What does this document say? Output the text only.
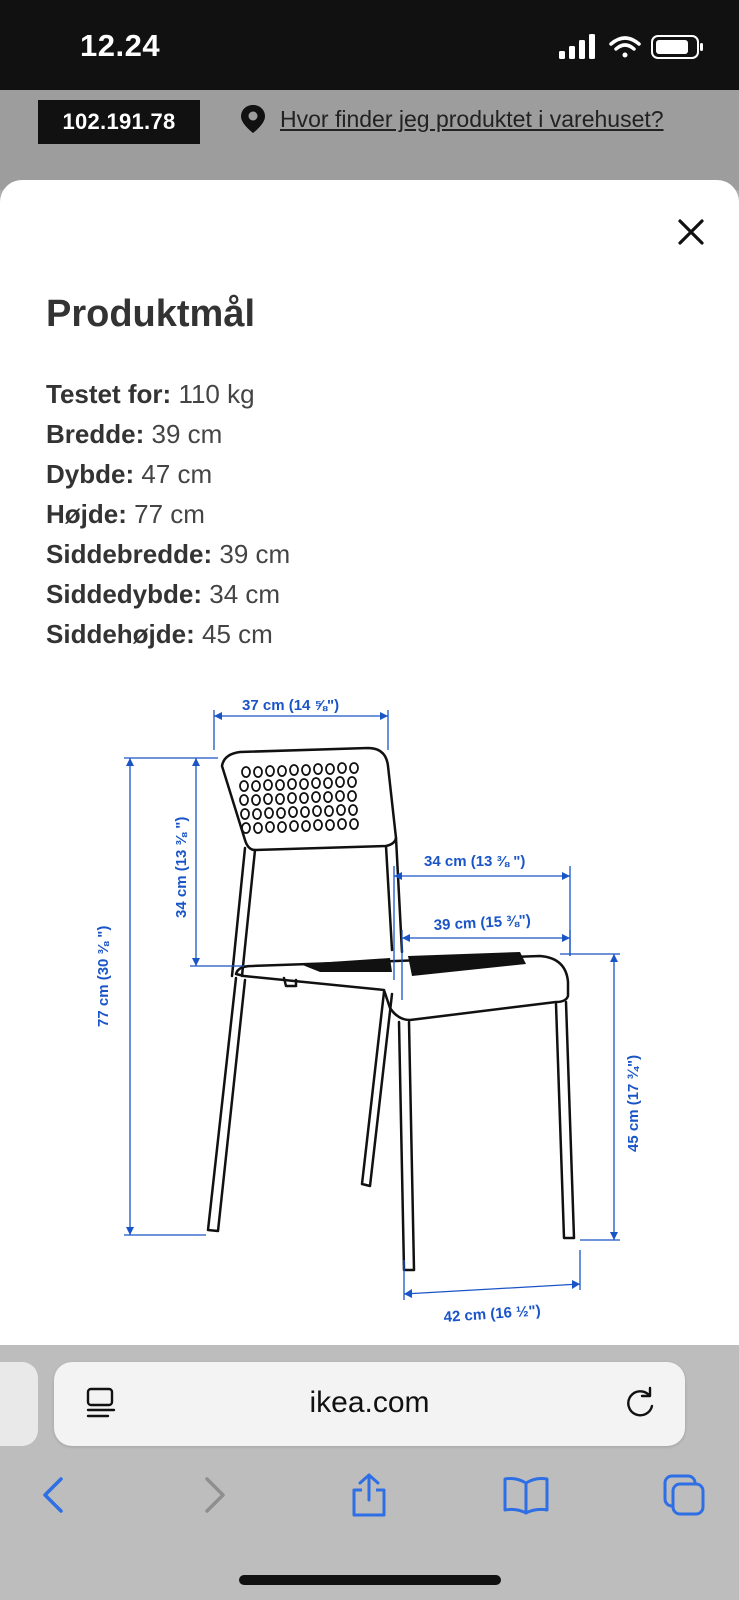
12.24
102.191.78	Hvor finder jeg produktet i varehuset?
Produktmål
Testet for: 110 kg
Bredde: 39 cm
Dybde: 47 cm
Højde: 77 cm
Siddebredde: 39 cm
Siddedybde: 34 cm
Siddehøjde: 45 cm
37 cm (14 ⅝")
34 cm (13 ⅜ ")
77 cm (30 ⅜ ")
34 cm (13 ⅜ ")
39 cm (15 ⅜")
45 cm (17 ¾")
42 cm (16 ½")
ikea.com
